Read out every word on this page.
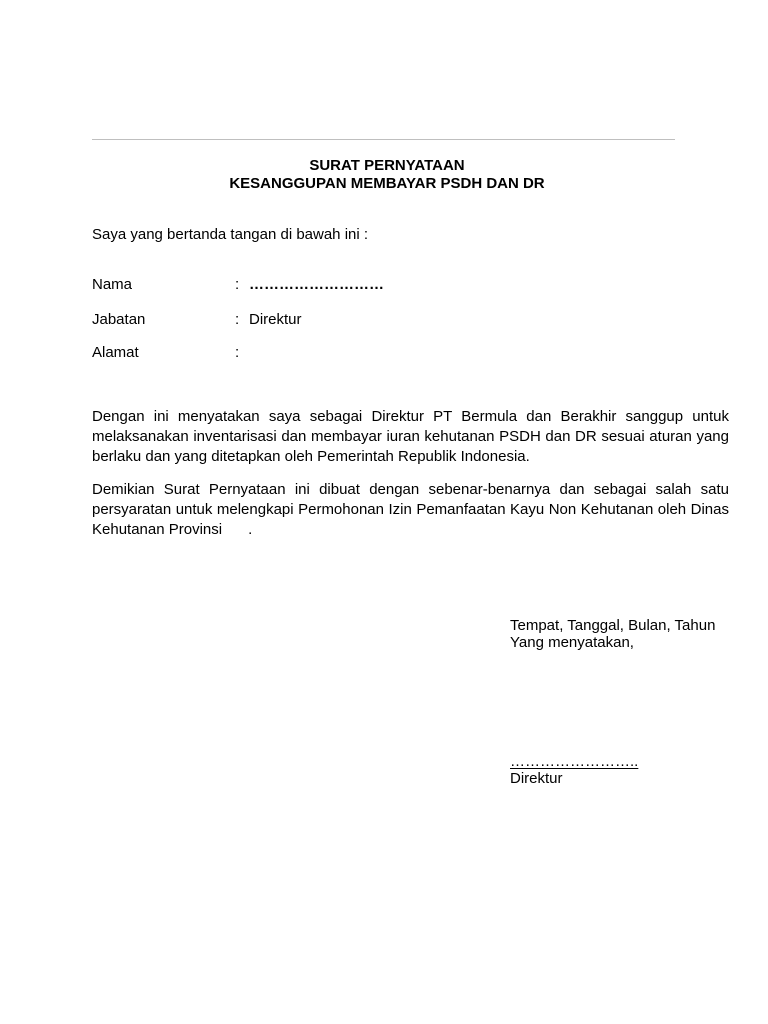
SURAT PERNYATAAN
KESANGGUPAN MEMBAYAR PSDH DAN DR
Saya yang bertanda tangan di bawah ini :
Nama	: ………………………
Jabatan	: Direktur
Alamat	:
Dengan ini menyatakan saya sebagai Direktur PT Bermula dan Berakhir sanggup untuk melaksanakan inventarisasi dan membayar iuran kehutanan PSDH dan DR sesuai aturan yang berlaku dan yang ditetapkan oleh Pemerintah Republik Indonesia.
Demikian Surat Pernyataan ini dibuat dengan sebenar-benarnya dan sebagai salah satu persyaratan untuk melengkapi Permohonan Izin Pemanfaatan Kayu Non Kehutanan oleh Dinas Kehutanan Provinsi .
Tempat, Tanggal, Bulan, Tahun
Yang menyatakan,
……………………..
Direktur
